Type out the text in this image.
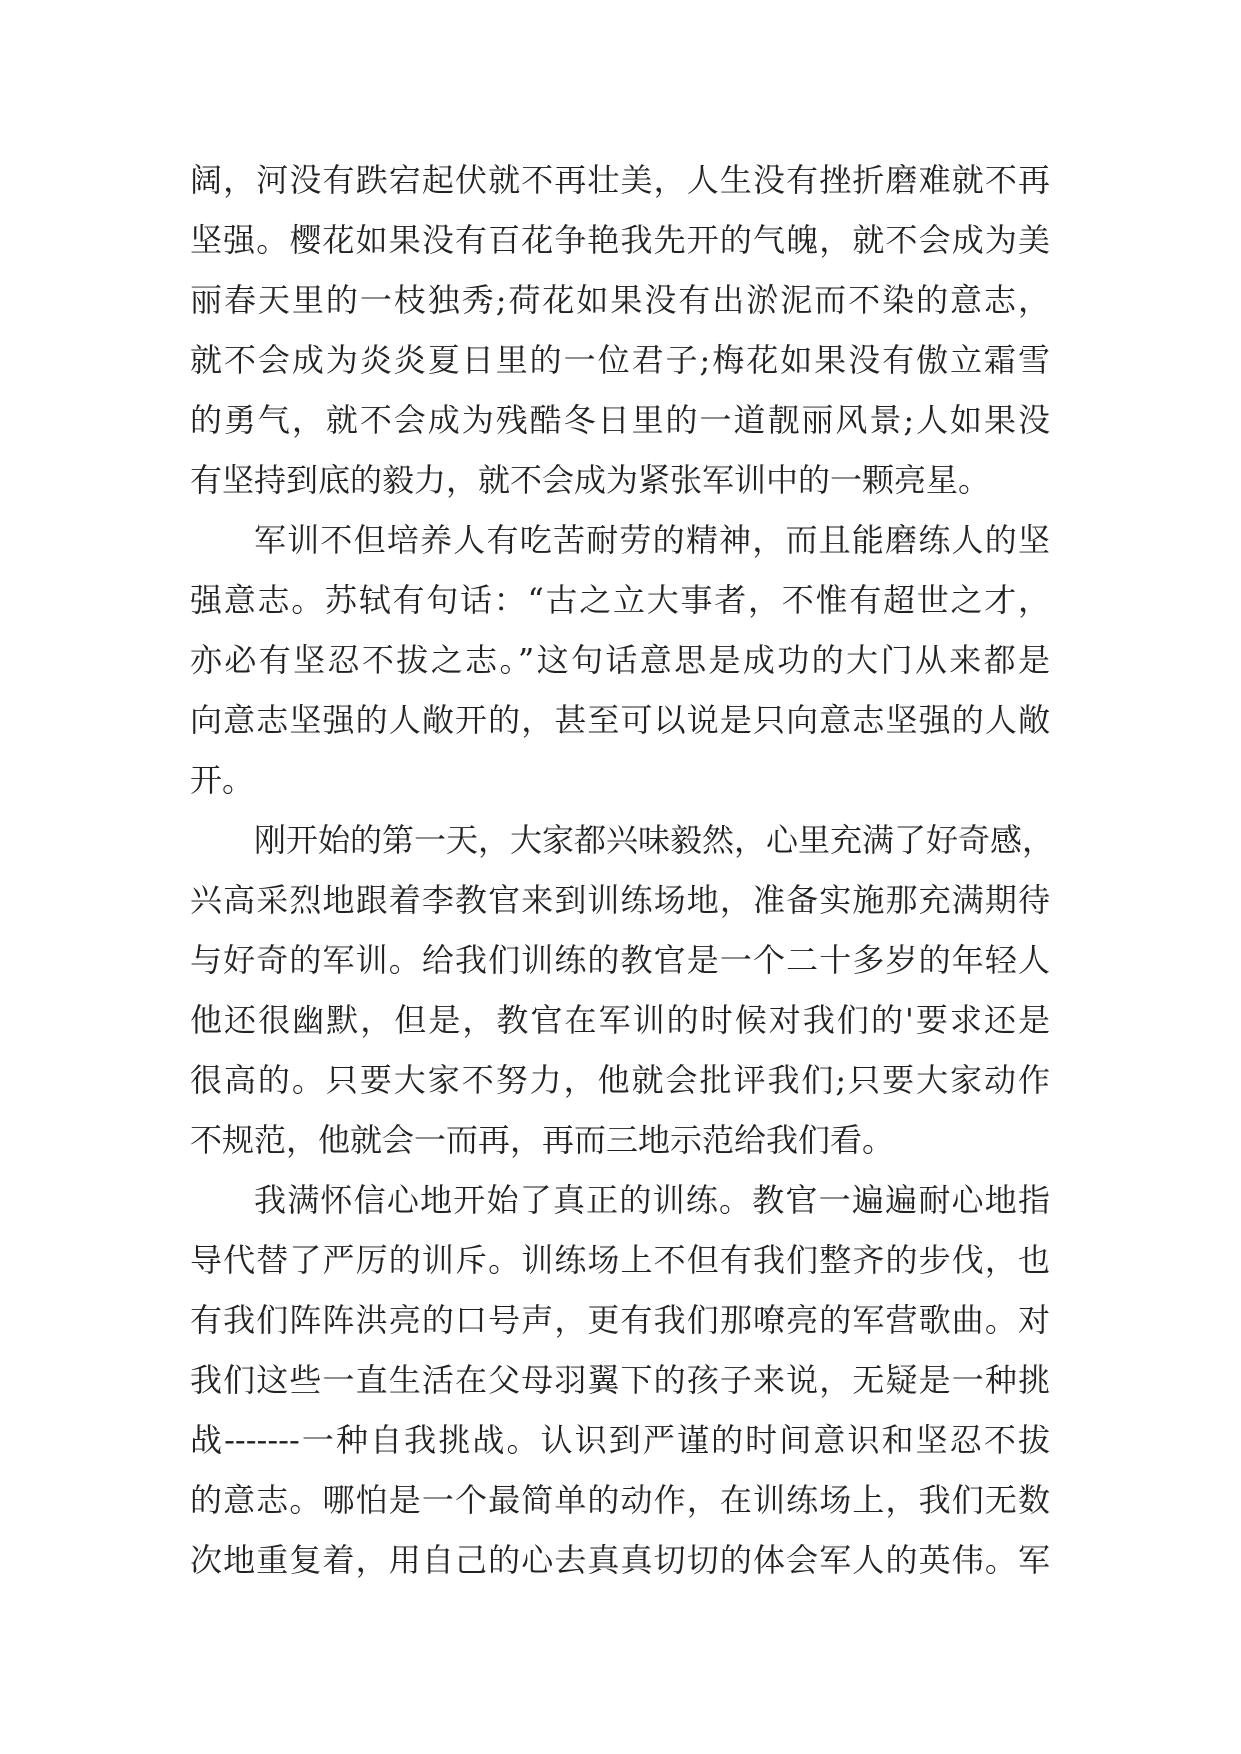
阔，河没有跌宕起伏就不再壮美，人生没有挫折磨难就不再
坚强。樱花如果没有百花争艳我先开的气魄，就不会成为美
丽春天里的一枝独秀;荷花如果没有出淤泥而不染的意志，
就不会成为炎炎夏日里的一位君子;梅花如果没有傲立霜雪
的勇气，就不会成为残酷冬日里的一道靓丽风景;人如果没
有坚持到底的毅力，就不会成为紧张军训中的一颗亮星。
军训不但培养人有吃苦耐劳的精神，而且能磨练人的坚
强意志。苏轼有句话：“古之立大事者，不惟有超世之才，
亦必有坚忍不拔之志。”这句话意思是成功的大门从来都是
向意志坚强的人敞开的，甚至可以说是只向意志坚强的人敞
开。
刚开始的第一天，大家都兴味毅然，心里充满了好奇感，
兴高采烈地跟着李教官来到训练场地，准备实施那充满期待
与好奇的军训。给我们训练的教官是一个二十多岁的年轻人
他还很幽默，但是，教官在军训的时候对我们的'要求还是
很高的。只要大家不努力，他就会批评我们;只要大家动作
不规范，他就会一而再，再而三地示范给我们看。
我满怀信心地开始了真正的训练。教官一遍遍耐心地指
导代替了严厉的训斥。训练场上不但有我们整齐的步伐，也
有我们阵阵洪亮的口号声，更有我们那嘹亮的军营歌曲。对
我们这些一直生活在父母羽翼下的孩子来说，无疑是一种挑
战-------一种自我挑战。认识到严谨的时间意识和坚忍不拔
的意志。哪怕是一个最简单的动作，在训练场上，我们无数
次地重复着，用自己的心去真真切切的体会军人的英伟。军
